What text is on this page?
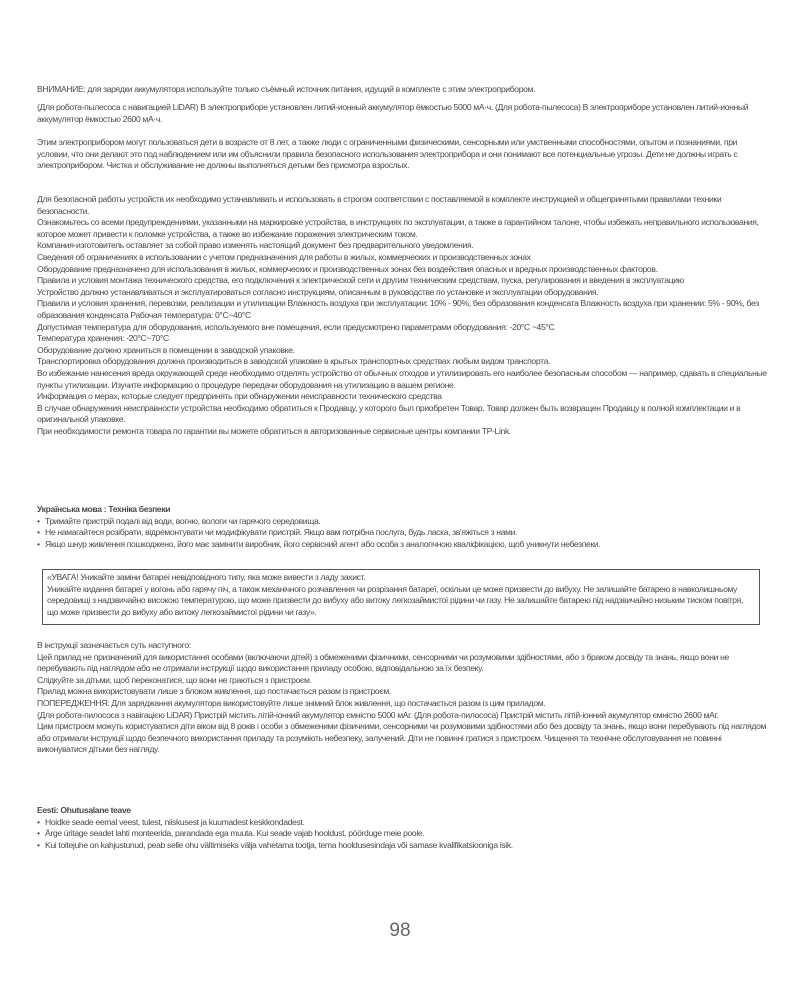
ВНИМАНИЕ: для зарядки аккумулятора используйте только съёмный источник питания, идущий в комплекте с этим электроприбором.

(Для робота-пылесоса с навигацией LiDAR) В электроприборе установлен литий-ионный аккумулятор ёмкостью 5000 мА·ч. (Для робота-пылесоса) В электроприборе установлен литий-ионный аккумулятор ёмкостью 2600 мА·ч.

Этим электроприбором могут пользоваться дети в возрасте от 8 лет, а также люди с ограниченными физическими, сенсорными или умственными способностями, опытом и познаниями, при условии, что они делают это под наблюдением или им объяснили правила безопасного использования электроприбора и они понимают все потенциальные угрозы. Дети не должны играть с электроприбором. Чистка и обслуживание не должны выполняться детьми без присмотра взрослых.

Для безопасной работы устройств их необходимо устанавливать и использовать в строгом соответствии с поставляемой в комплекте инструкцией и общепринятыми правилами техники безопасности.

Ознакомьтесь со всеми предупреждениями, указанными на маркировке устройства, в инструкциях по эксплуатации, а также в гарантийном талоне, чтобы избежать неправильного использования, которое может привести к поломке устройства, а также во избежание поражения электрическим током.

Компания-изготовитель оставляет за собой право изменять настоящий документ без предварительного уведомления.

Сведения об ограничениях в использовании с учетом предназначения для работы в жилых, коммерческих и производственных зонах

Оборудование предназначено для использования в жилых, коммерческих и производственных зонах без воздействия опасных и вредных производственных факторов.

Правила и условия монтажа технического средства, его подключения к электрической сети и другим техническим средствам, пуска, регулирования и введения в эксплуатацию

Устройство должно устанавливаться и эксплуатироваться согласно инструкциям, описанным в руководстве по установке и эксплуатации оборудования.

Правила и условия хранения, перевозки, реализации и утилизации Влажность воздуха при эксплуатации: 10% - 90%, без образования конденсата Влажность воздуха при хранении: 5% - 90%, без образования конденсата Рабочая температура: 0°C~40°C

Допустимая температура для оборудования, используемого вне помещения, если предусмотрено параметрами оборудования: -20°C ~45°C

Температура хранения: -20°C~70°C

Оборудование должно храниться в помещении в заводской упаковке.

Транспортировка оборудования должна производиться в заводской упаковке в крытых транспортных средствах любым видом транспорта.

Во избежание нанесения вреда окружающей среде необходимо отделять устройство от обычных отходов и утилизировать его наиболее безопасным способом — например, сдавать в специальные пункты утилизации. Изучите информацию о процедуре передачи оборудования на утилизацию в вашем регионе.

Информация о мерах, которые следует предпринять при обнаружении неисправности технического средства

В случае обнаружения неисправности устройства необходимо обратиться к Продавцу, у которого был приобретен Товар. Товар должен быть возвращен Продавцу в полной комплектации и в оригинальной упаковке.

При необходимости ремонта товара по гарантии вы можете обратиться в авторизованные сервисные центры компании TP-Link.

Українська мова : Техніка безпеки

• Тримайте пристрій подалі від води, вогню, вологи чи гарячого середовища.
• Не намагайтеся розібрати, відремонтувати чи модифікувати пристрій. Якщо вам потрібна послуга, будь ласка, зв'яжіться з нами.
• Якщо шнур живлення пошкоджено, його має замінити виробник, його сервісний агент або особа з аналогічною кваліфікацією, щоб уникнути небезпеки.

«УВАГА! Уникайте заміни батареї невідповідного типу, яка може вивести з ладу захист.

Уникайте кидання батареї у вогонь або гарячу піч, а також механічного розчавлення чи розрізання батареї, оскільки це може призвести до вибуху. Не залишайте батарею в навколишньому середовищі з надзвичайно високою температурою, що може призвести до вибуху або витоку легкозаймистої рідини чи газу. Не залишайте батарею під надзвичайно низьким тиском повітря, що може призвести до вибуху або витоку легкозаймистої рідини чи газу».

В інструкції зазначається суть наступного:

Цей прилад не призначений для використання особами (включаючи дітей) з обмеженими фізичними, сенсорними чи розумовими здібностями, або з браком досвіду та знань, якщо вони не перебувають під наглядом або не отримали інструкції щодо використання приладу особою, відповідальною за їх безпеку.

Слідкуйте за дітьми, щоб переконатися, що вони не граються з пристроєм.

Прилад можна використовувати лише з блоком живлення, що постачається разом із пристроєм.

ПОПЕРЕДЖЕННЯ: Для заряджання акумулятора використовуйте лише знімний блок живлення, що постачається разом із цим приладом.

(Для робота-пилососа з навігацією LiDAR) Пристрій містить літій-іонний акумулятор ємністю 5000 мАг. (Для робота-пилососа) Пристрій містить літій-іонний акумулятор ємністю 2600 мАг.

Цим пристроєм можуть користуватися діти віком від 8 років і особи з обмеженими фізичними, сенсорними чи розумовими здібностями або без досвіду та знань, якщо вони перебувають під наглядом або отримали інструкції щодо безпечного використання приладу та розуміють небезпеку, залучений. Діти не повинні гратися з пристроєм. Чищення та технічне обслуговування не повинні виконуватися дітьми без нагляду.

Eesti: Ohutusalane teave

• Hoidke seade eemal veest, tulest, niiskusest ja kuumadest keskkondadest.
• Ärge üritage seadet lahti monteerida, parandada ega muuta. Kui seade vajab hooldust, pöörduge meie poole.
• Kui toitejuhe on kahjustunud, peab selle ohu vältimiseks välja vahetama tootja, tema hooldusesindaja või samase kvalifikatsiooniga isik.
98
